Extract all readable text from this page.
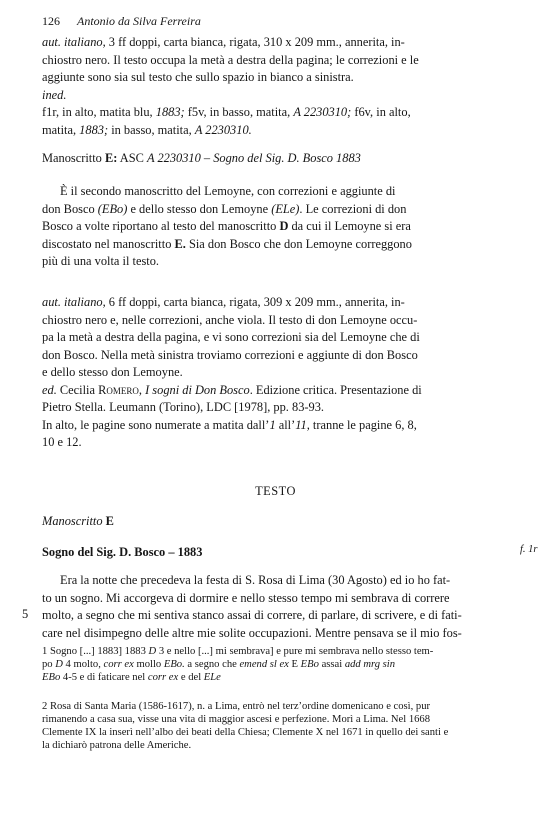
126 Antonio da Silva Ferreira
aut. italiano, 3 ff doppi, carta bianca, rigata, 310 x 209 mm., annerita, in-
chiostro nero. Il testo occupa la metà a destra della pagina; le correzioni e le
aggiunte sono sia sul testo che sullo spazio in bianco a sinistra.
ined.
f1r, in alto, matita blu, 1883; f5v, in basso, matita, A 2230310; f6v, in alto,
matita, 1883; in basso, matita, A 2230310.
Manoscritto E: ASC A 2230310 – Sogno del Sig. D. Bosco 1883
È il secondo manoscritto del Lemoyne, con correzioni e aggiunte di
don Bosco (EBo) e dello stesso don Lemoyne (ELe). Le correzioni di don
Bosco a volte riportano al testo del manoscritto D da cui il Lemoyne si era
discostato nel manoscritto E. Sia don Bosco che don Lemoyne correggono
più di una volta il testo.
aut. italiano, 6 ff doppi, carta bianca, rigata, 309 x 209 mm., annerita, in-
chiostro nero e, nelle correzioni, anche viola. Il testo di don Lemoyne occu-
pa la metà a destra della pagina, e vi sono correzioni sia del Lemoyne che di
don Bosco. Nella metà sinistra troviamo correzioni e aggiunte di don Bosco
e dello stesso don Lemoyne.
ed. Cecilia Romero, I sogni di Don Bosco. Edizione critica. Presentazione di
Pietro Stella. Leumann (Torino), LDC [1978], pp. 83-93.
In alto, le pagine sono numerate a matita dall’1 all’11, tranne le pagine 6, 8,
10 e 12.
TESTO
Manoscritto E
Sogno del Sig. D. Bosco – 1883	f. 1r
Era la notte che precedeva la festa di S. Rosa di Lima (30 Agosto) ed io ho fat-
to un sogno. Mi accorgeva di dormire e nello stesso tempo mi sembrava di correre
molto, a segno che mi sentiva stanco assai di correre, di parlare, di scrivere, e di fati-
care nel disimpegno delle altre mie solite occupazioni. Mentre pensava se il mio fos-
5
1 Sogno [...] 1883] 1883 D 3 e nello [...] mi sembrava] e pure mi sembrava nello stesso tem-
po D 4 molto, corr ex mollo EBo. a segno che emend sl ex E EBo assai add mrg sin
EBo 4-5 e di faticare nel corr ex e del ELe
2 Rosa di Santa Maria (1586-1617), n. a Lima, entrò nel terz’ordine domenicano e così, pur
rimanendo a casa sua, visse una vita di maggior ascesi e perfezione. Morì a Lima. Nel 1668
Clemente IX la inserì nell’albo dei beati della Chiesa; Clemente X nel 1671 in quello dei santi e
la dichiarò patrona delle Americhe.
